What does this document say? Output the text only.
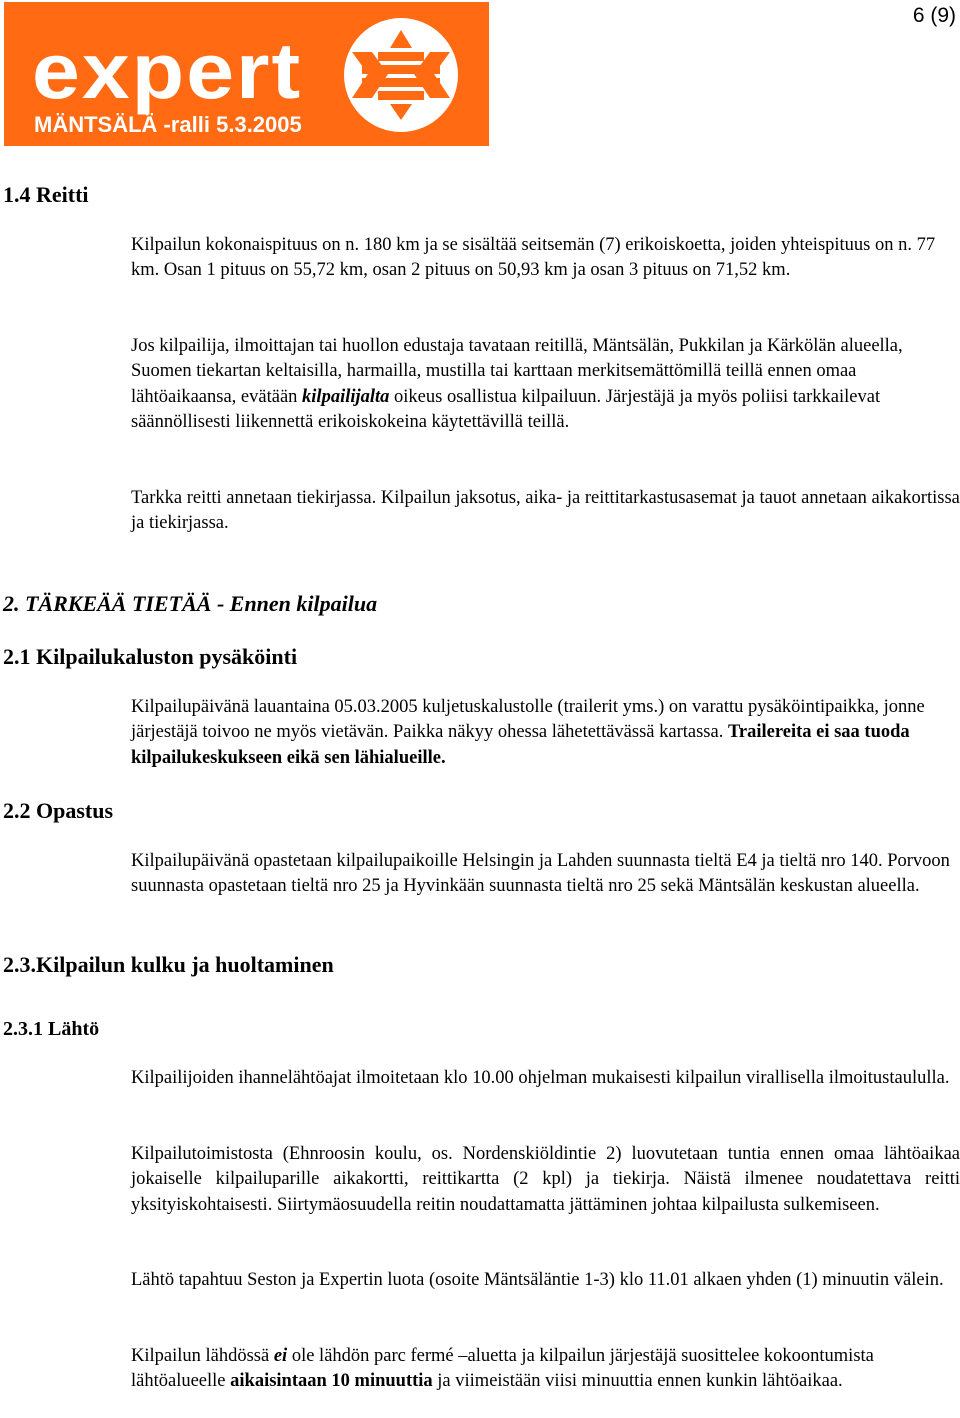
6 (9)
expert
MÄNTSÄLÄ -ralli 5.3.2005
1.4 Reitti

Kilpailun kokonaispituus on n. 180 km ja se sisältää seitsemän (7) erikoiskoetta, joiden yhteispituus on n. 77 km. Osan 1 pituus on 55,72 km, osan 2 pituus on 50,93 km ja osan 3 pituus on 71,52 km.

Jos kilpailija, ilmoittajan tai huollon edustaja tavataan reitillä, Mäntsälän, Pukkilan ja Kärkölän alueella, Suomen tiekartan keltaisilla, harmailla, mustilla tai karttaan merkitsemättömillä teillä ennen omaa lähtöaikaansa, evätään kilpailijalta oikeus osallistua kilpailuun. Järjestäjä ja myös poliisi tarkkailevat säännöllisesti liikennettä erikoiskokeina käytettävillä teillä.

Tarkka reitti annetaan tiekirjassa. Kilpailun jaksotus, aika- ja reittitarkastusasemat ja tauot annetaan aikakortissa ja tiekirjassa.

2. TÄRKEÄÄ TIETÄÄ - Ennen kilpailua
2.1 Kilpailukaluston pysäköinti

Kilpailupäivänä lauantaina 05.03.2005 kuljetuskalustolle (trailerit yms.) on varattu pysäköintipaikka, jonne järjestäjä toivoo ne myös vietävän. Paikka näkyy ohessa lähetettävässä kartassa. Trailereita ei saa tuoda kilpailukeskukseen eikä sen lähialueille.

2.2 Opastus

Kilpailupäivänä opastetaan kilpailupaikoille Helsingin ja Lahden suunnasta tieltä E4 ja tieltä nro 140. Porvoon suunnasta opastetaan tieltä nro 25 ja Hyvinkään suunnasta tieltä nro 25 sekä Mäntsälän keskustan alueella.

2.3.Kilpailun kulku ja huoltaminen
2.3.1 Lähtö

Kilpailijoiden ihannelähtöajat ilmoitetaan klo 10.00 ohjelman mukaisesti kilpailun virallisella ilmoitustaululla.

Kilpailutoimistosta (Ehnroosin koulu, os. Nordenskiöldintie 2) luovutetaan tuntia ennen omaa lähtöaikaa jokaiselle kilpailuparille aikakortti, reittikartta (2 kpl) ja tiekirja. Näistä ilmenee noudatettava reitti yksityiskohtaisesti. Siirtymäosuudella reitin noudattamatta jättäminen johtaa kilpailusta sulkemiseen.

Lähtö tapahtuu Seston ja Expertin luota (osoite Mäntsäläntie 1-3) klo 11.01 alkaen yhden (1) minuutin välein.

Kilpailun lähdössä ei ole lähdön parc fermé –aluetta ja kilpailun järjestäjä suosittelee kokoontumista lähtöalueelle aikaisintaan 10 minuuttia ja viimeistään viisi minuuttia ennen kunkin lähtöaikaa.
